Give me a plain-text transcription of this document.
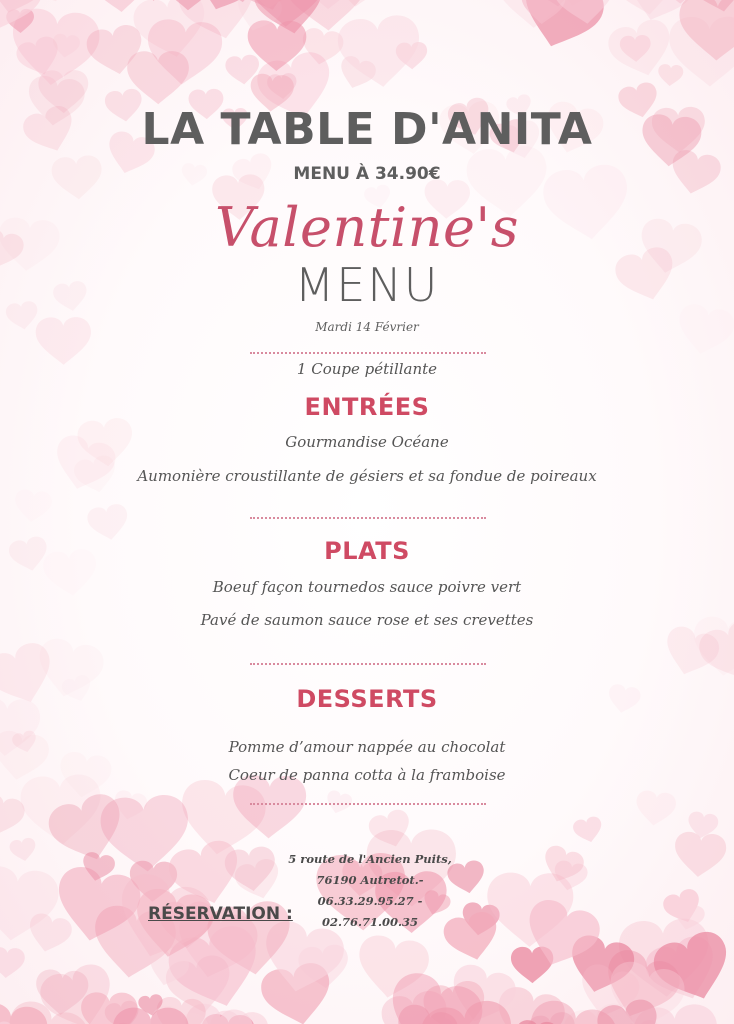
LA TABLE D'ANITA
MENU À 34.90€
Valentine's
MENU
Mardi 14 Février
1 Coupe pétillante
ENTRÉES
Gourmandise Océane
Aumonière croustillante de gésiers et sa fondue de poireaux
PLATS
Boeuf façon tournedos sauce poivre vert
Pavé de saumon sauce rose et ses crevettes
DESSERTS
Pomme d’amour nappée au chocolat
Coeur de panna cotta à la framboise
RÉSERVATION :
5 route de l'Ancien Puits,
76190 Autretot.-
06.33.29.95.27 -
02.76.71.00.35
